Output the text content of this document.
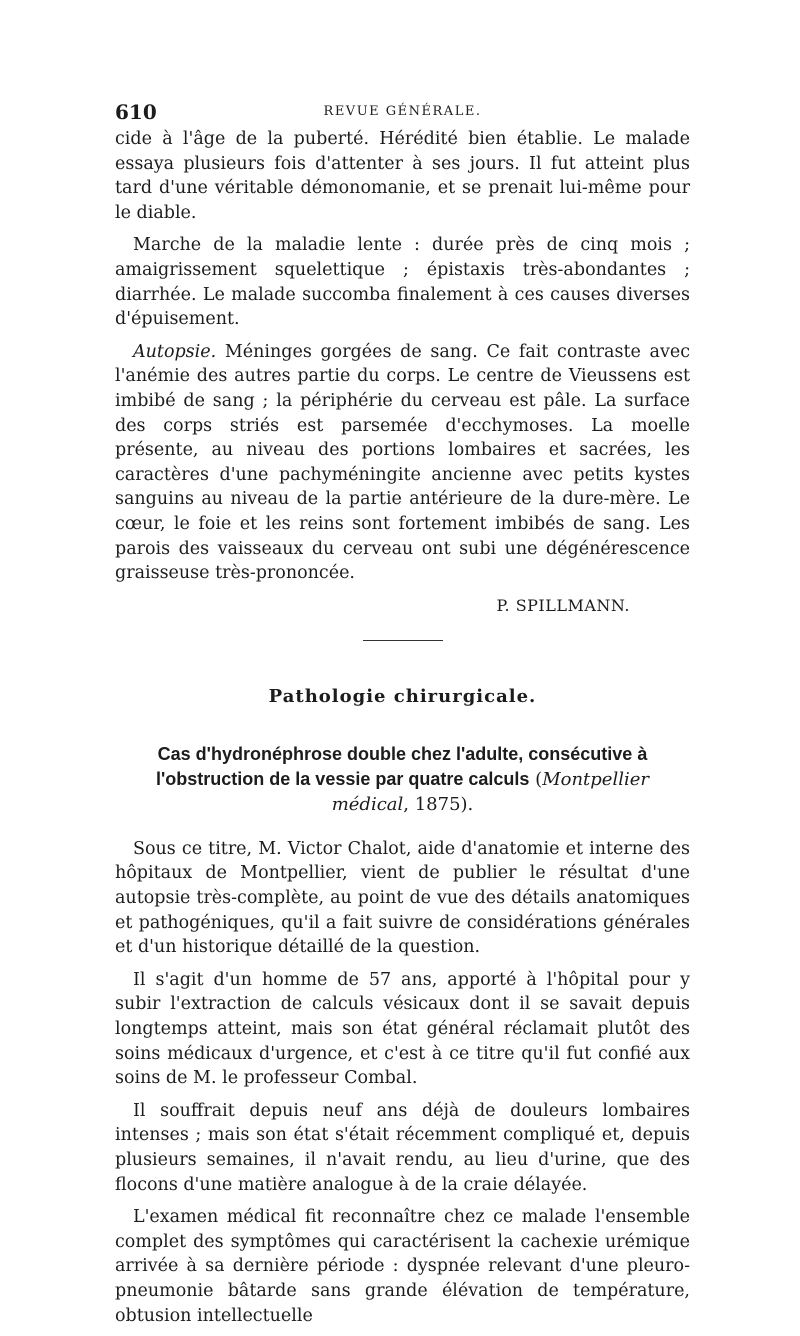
610	REVUE GÉNÉRALE.

cide à l'âge de la puberté. Hérédité bien établie. Le malade essaya plusieurs fois d'attenter à ses jours. Il fut atteint plus tard d'une véritable démonomanie, et se prenait lui-même pour le diable.

Marche de la maladie lente : durée près de cinq mois ; amaigrissement squelettique ; épistaxis très-abondantes ; diarrhée. Le malade succomba finalement à ces causes diverses d'épuisement.

Autopsie. Méninges gorgées de sang. Ce fait contraste avec l'anémie des autres partie du corps. Le centre de Vieussens est imbibé de sang ; la périphérie du cerveau est pâle. La surface des corps striés est parsemée d'ecchymoses. La moelle présente, au niveau des portions lombaires et sacrées, les caractères d'une pachyméningite ancienne avec petits kystes sanguins au niveau de la partie antérieure de la dure-mère. Le cœur, le foie et les reins sont fortement imbibés de sang. Les parois des vaisseaux du cerveau ont subi une dégénérescence graisseuse très-prononcée.

P. SPILLMANN.
Pathologie chirurgicale.
Cas d'hydronéphrose double chez l'adulte, consécutive à l'obstruction de la vessie par quatre calculs (Montpellier médical, 1875).

Sous ce titre, M. Victor Chalot, aide d'anatomie et interne des hôpitaux de Montpellier, vient de publier le résultat d'une autopsie très-complète, au point de vue des détails anatomiques et pathogéniques, qu'il a fait suivre de considérations générales et d'un historique détaillé de la question.

Il s'agit d'un homme de 57 ans, apporté à l'hôpital pour y subir l'extraction de calculs vésicaux dont il se savait depuis longtemps atteint, mais son état général réclamait plutôt des soins médicaux d'urgence, et c'est à ce titre qu'il fut confié aux soins de M. le professeur Combal.

Il souffrait depuis neuf ans déjà de douleurs lombaires intenses ; mais son état s'était récemment compliqué et, depuis plusieurs semaines, il n'avait rendu, au lieu d'urine, que des flocons d'une matière analogue à de la craie délayée.

L'examen médical fit reconnaître chez ce malade l'ensemble complet des symptômes qui caractérisent la cachexie urémique arrivée à sa dernière période : dyspnée relevant d'une pleuro-pneumonie bâtarde sans grande élévation de température, obtusion intellectuelle
